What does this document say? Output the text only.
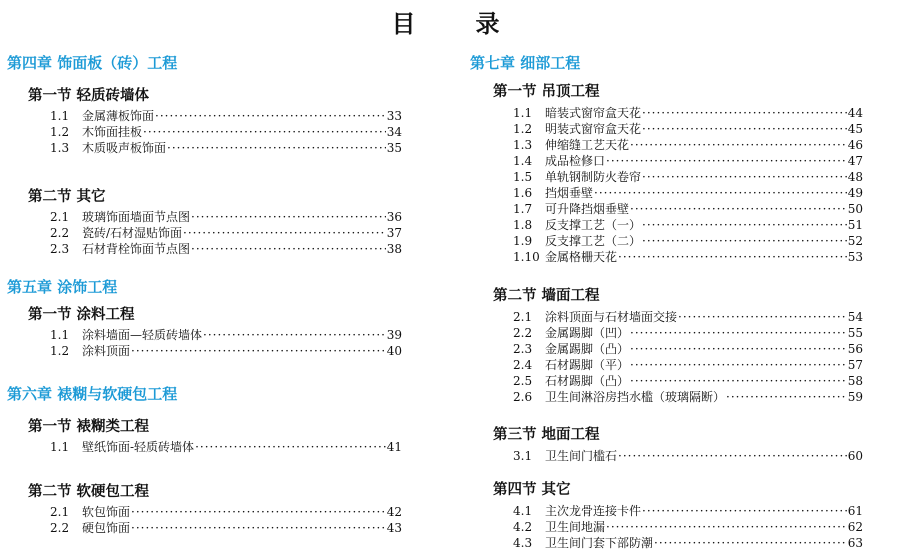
目　录
第四章 饰面板（砖）工程
第一节 轻质砖墙体
1.1	金属薄板饰面 ·····	33
1.2	木饰面挂板 ·····	34
1.3	木质吸声板饰面 ·····	35
第二节 其它
2.1	玻璃饰面墙面节点图 ·····	36
2.2	瓷砖/石材湿贴饰面 ·····	37
2.3	石材背栓饰面节点图 ·····	38
第五章 涂饰工程
第一节 涂料工程
1.1	涂料墙面—轻质砖墙体 ·····	39
1.2	涂料顶面 ·····	40
第六章 裱糊与软硬包工程
第一节 裱糊类工程
1.1	壁纸饰面-轻质砖墙体 ·····	41
第二节 软硬包工程
2.1	软包饰面 ·····	42
2.2	硬包饰面 ·····	43
第七章 细部工程
第一节 吊顶工程
1.1	暗装式窗帘盒天花 ·····	44
1.2	明装式窗帘盒天花 ·····	45
1.3	伸缩缝工艺天花 ·····	46
1.4	成品检修口 ·····	47
1.5	单轨钢制防火卷帘 ·····	48
1.6	挡烟垂壁 ·····	49
1.7	可升降挡烟垂壁 ·····	50
1.8	反支撑工艺（一） ·····	51
1.9	反支撑工艺（二） ·····	52
1.10 金属格栅天花 ·····	53
第二节 墙面工程
2.1	涂料顶面与石材墙面交接 ·····	54
2.2	金属踢脚（凹） ·····	55
2.3	金属踢脚（凸） ·····	56
2.4	石材踢脚（平） ·····	57
2.5	石材踢脚（凸） ·····	58
2.6	卫生间淋浴房挡水槛（玻璃隔断） ·····	59
第三节 地面工程
3.1	卫生间门槛石 ·····	60
第四节 其它
4.1	主次龙骨连接卡件 ·····	61
4.2	卫生间地漏 ·····	62
4.3	卫生间门套下部防潮 ·····	63
